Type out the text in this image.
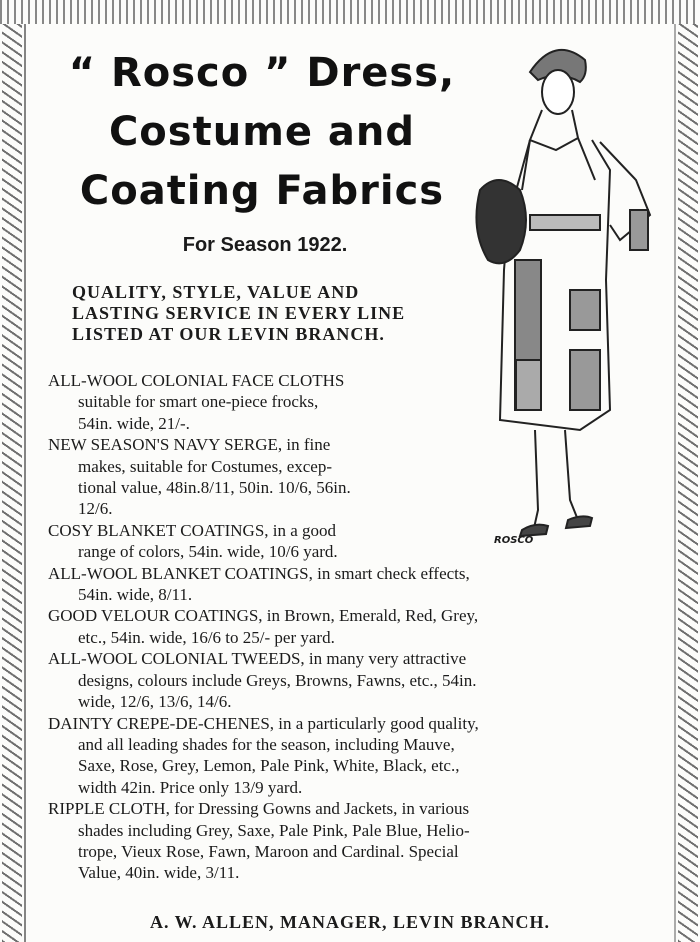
“ Rosco ” Dress,
Costume and
Coating Fabrics
For Season 1922.
QUALITY, STYLE, VALUE AND
LASTING SERVICE IN EVERY LINE
LISTED AT OUR LEVIN BRANCH.
ROSCO
ALL-WOOL COLONIAL FACE CLOTHS
suitable for smart one-piece frocks,
54in. wide, 21/-.
NEW SEASON'S NAVY SERGE, in fine
makes, suitable for Costumes, excep-
tional value, 48in.8/11, 50in. 10/6, 56in.
12/6.
COSY BLANKET COATINGS, in a good
range of colors, 54in. wide, 10/6 yard.
ALL-WOOL BLANKET COATINGS, in smart check effects,
54in. wide, 8/11.
GOOD VELOUR COATINGS, in Brown, Emerald, Red, Grey,
etc., 54in. wide, 16/6 to 25/- per yard.
ALL-WOOL COLONIAL TWEEDS, in many very attractive
designs, colours include Greys, Browns, Fawns, etc., 54in.
wide, 12/6, 13/6, 14/6.
DAINTY CREPE-DE-CHENES, in a particularly good quality,
and all leading shades for the season, including Mauve,
Saxe, Rose, Grey, Lemon, Pale Pink, White, Black, etc.,
width 42in. Price only 13/9 yard.
RIPPLE CLOTH, for Dressing Gowns and Jackets, in various
shades including Grey, Saxe, Pale Pink, Pale Blue, Helio-
trope, Vieux Rose, Fawn, Maroon and Cardinal. Special
Value, 40in. wide, 3/11.
A. W. ALLEN, MANAGER, LEVIN BRANCH.
